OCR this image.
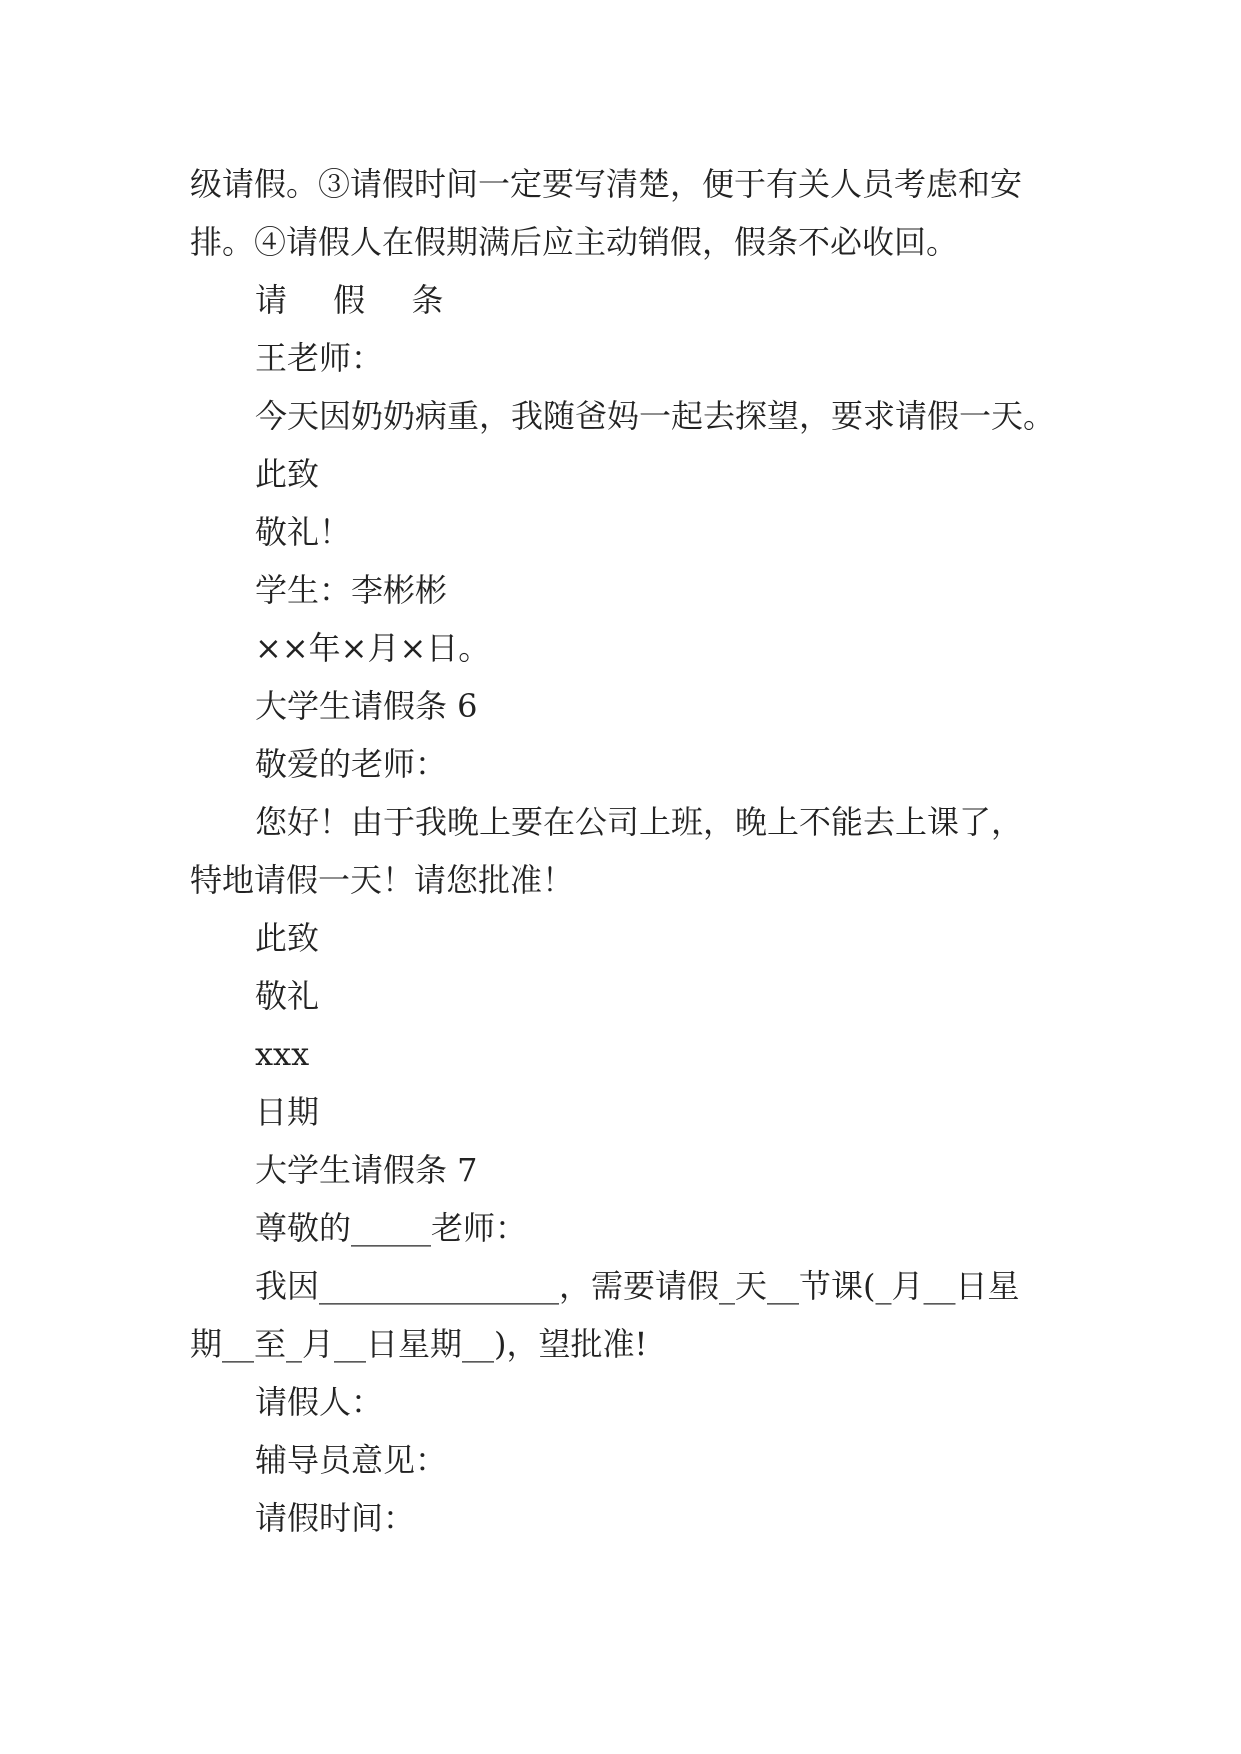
级请假。③请假时间一定要写清楚，便于有关人员考虑和安
排。④请假人在假期满后应主动销假，假条不必收回。
请 假 条
王老师：
今天因奶奶病重，我随爸妈一起去探望，要求请假一天。
此致
敬礼！
学生：李彬彬
××年×月×日。
大学生请假条 6
敬爱的老师：
您好！由于我晚上要在公司上班，晚上不能去上课了，
特地请假一天！请您批准！
此致
敬礼
xxx
日期
大学生请假条 7
尊敬的_____老师：
我因_______________，需要请假_天__节课(_月__日星
期__至_月__日星期__)，望批准!
请假人：
辅导员意见：
请假时间：
